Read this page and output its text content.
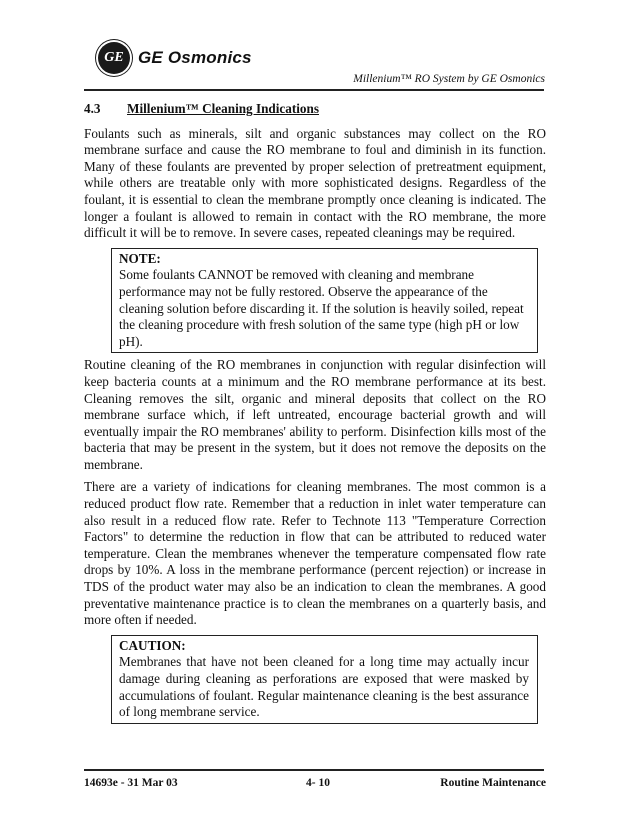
GE GE Osmonics
Millenium™ RO System by GE Osmonics
4.3 Millenium™ Cleaning Indications

Foulants such as minerals, silt and organic substances may collect on the RO membrane surface and cause the RO membrane to foul and diminish in its function. Many of these foulants are prevented by proper selection of pretreatment equipment, while others are treatable only with more sophisticated designs. Regardless of the foulant, it is essential to clean the membrane promptly once cleaning is indicated. The longer a foulant is allowed to remain in contact with the RO membrane, the more difficult it will be to remove. In severe cases, repeated cleanings may be required.

NOTE:
Some foulants CANNOT be removed with cleaning and membrane performance may not be fully restored. Observe the appearance of the cleaning solution before discarding it. If the solution is heavily soiled, repeat the cleaning procedure with fresh solution of the same type (high pH or low pH).

Routine cleaning of the RO membranes in conjunction with regular disinfection will keep bacteria counts at a minimum and the RO membrane performance at its best. Cleaning removes the silt, organic and mineral deposits that collect on the RO membrane surface which, if left untreated, encourage bacterial growth and will eventually impair the RO membranes' ability to perform. Disinfection kills most of the bacteria that may be present in the system, but it does not remove the deposits on the membrane.

There are a variety of indications for cleaning membranes. The most common is a reduced product flow rate. Remember that a reduction in inlet water temperature can also result in a reduced flow rate. Refer to Technote 113 "Temperature Correction Factors" to determine the reduction in flow that can be attributed to reduced water temperature. Clean the membranes whenever the temperature compensated flow rate drops by 10%. A loss in the membrane performance (percent rejection) or increase in TDS of the product water may also be an indication to clean the membranes. A good preventative maintenance practice is to clean the membranes on a quarterly basis, and more often if needed.

CAUTION:
Membranes that have not been cleaned for a long time may actually incur damage during cleaning as perforations are exposed that were masked by accumulations of foulant. Regular maintenance cleaning is the best assurance of long membrane service.
14693e - 31 Mar 03	4- 10	Routine Maintenance
